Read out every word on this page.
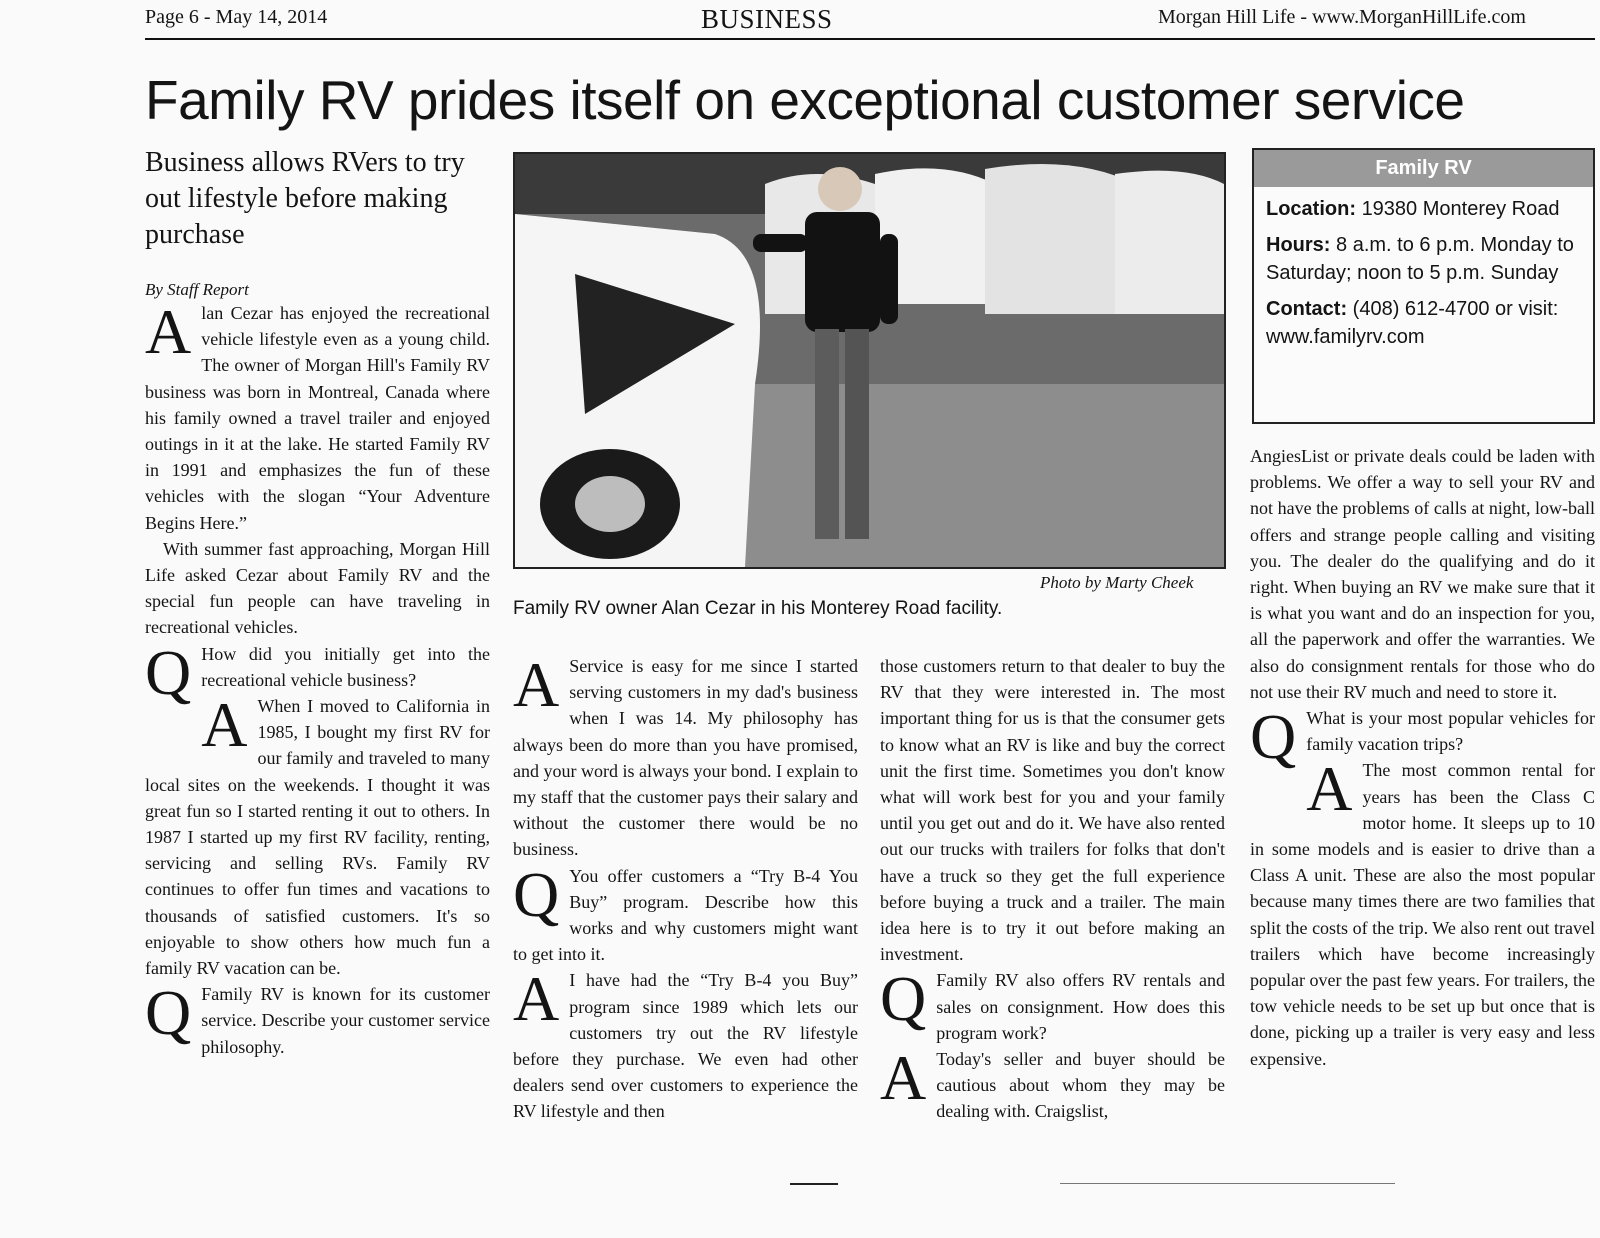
Page 6 - May 14, 2014	BUSINESS	Morgan Hill Life - www.MorganHillLife.com
Family RV prides itself on exceptional customer service
Business allows RVers to try out lifestyle before making purchase
By Staff Report

Alan Cezar has enjoyed the recreational vehicle lifestyle even as a young child. The owner of Morgan Hill's Family RV business was born in Montreal, Canada where his family owned a travel trailer and enjoyed outings in it at the lake. He started Family RV in 1991 and emphasizes the fun of these vehicles with the slogan “Your Adventure Begins Here.”

With summer fast approaching, Morgan Hill Life asked Cezar about Family RV and the special fun people can have traveling in recreational vehicles.

Q How did you initially get into the recreational vehicle business?

A When I moved to California in 1985, I bought my first RV for our family and traveled to many local sites on the weekends. I thought it was great fun so I started renting it out to others. In 1987 I started up my first RV facility, renting, servicing and selling RVs. Family RV continues to offer fun times and vacations to thousands of satisfied customers. It's so enjoyable to show others how much fun a family RV vacation can be.

Q Family RV is known for its customer service. Describe your customer service philosophy.

Photo by Marty Cheek
Family RV owner Alan Cezar in his Monterey Road facility.

A Service is easy for me since I started serving customers in my dad's business when I was 14. My philosophy has always been do more than you have promised, and your word is always your bond. I explain to my staff that the customer pays their salary and without the customer there would be no business.

Q You offer customers a “Try B-4 You Buy” program. Describe how this works and why customers might want to get into it.

A I have had the “Try B-4 you Buy” program since 1989 which lets our customers try out the RV lifestyle before they purchase. We even had other dealers send over customers to experience the RV lifestyle and then

those customers return to that dealer to buy the RV that they were interested in. The most important thing for us is that the consumer gets to know what an RV is like and buy the correct unit the first time. Sometimes you don't know what will work best for you and your family until you get out and do it. We have also rented out our trucks with trailers for folks that don't have a truck so they get the full experience before buying a truck and a trailer. The main idea here is to try it out before making an investment.

Q Family RV also offers RV rentals and sales on consignment. How does this program work?

A Today's seller and buyer should be cautious about whom they may be dealing with. Craigslist,

Family RV
Location: 19380 Monterey Road
Hours: 8 a.m. to 6 p.m. Monday to Saturday; noon to 5 p.m. Sunday
Contact: (408) 612-4700 or visit: www.familyrv.com

AngiesList or private deals could be laden with problems. We offer a way to sell your RV and not have the problems of calls at night, low-ball offers and strange people calling and visiting you. The dealer do the qualifying and do it right. When buying an RV we make sure that it is what you want and do an inspection for you, all the paperwork and offer the warranties. We also do consignment rentals for those who do not use their RV much and need to store it.

Q What is your most popular vehicles for family vacation trips?

A The most common rental for years has been the Class C motor home. It sleeps up to 10 in some models and is easier to drive than a Class A unit. These are also the most popular because many times there are two families that split the costs of the trip. We also rent out travel trailers which have become increasingly popular over the past few years. For trailers, the tow vehicle needs to be set up but once that is done, picking up a trailer is very easy and less expensive.
